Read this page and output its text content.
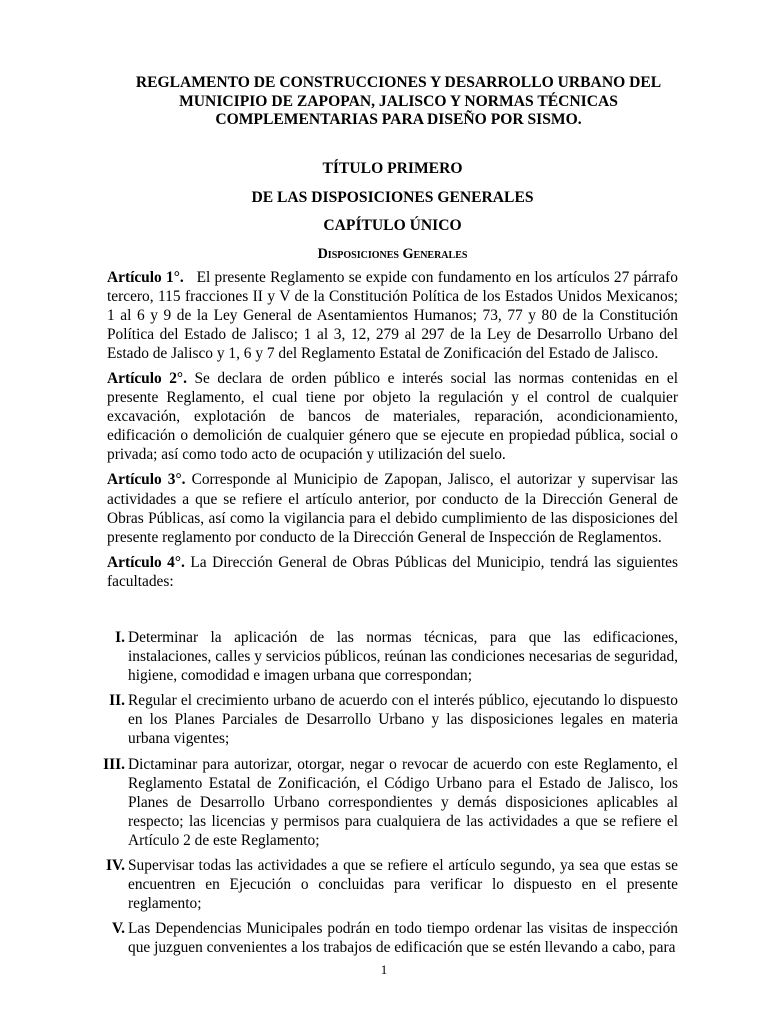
REGLAMENTO DE CONSTRUCCIONES Y DESARROLLO URBANO DEL MUNICIPIO DE ZAPOPAN, JALISCO Y NORMAS TÉCNICAS COMPLEMENTARIAS PARA DISEÑO POR SISMO.
TÍTULO PRIMERO
DE LAS DISPOSICIONES GENERALES
CAPÍTULO ÚNICO
Disposiciones Generales
Artículo 1°. El presente Reglamento se expide con fundamento en los artículos 27 párrafo tercero, 115 fracciones II y V de la Constitución Política de los Estados Unidos Mexicanos; 1 al 6 y 9 de la Ley General de Asentamientos Humanos; 73, 77 y 80 de la Constitución Política del Estado de Jalisco; 1 al 3, 12, 279 al 297 de la Ley de Desarrollo Urbano del Estado de Jalisco y 1, 6 y 7 del Reglamento Estatal de Zonificación del Estado de Jalisco.
Artículo 2°. Se declara de orden público e interés social las normas contenidas en el presente Reglamento, el cual tiene por objeto la regulación y el control de cualquier excavación, explotación de bancos de materiales, reparación, acondicionamiento, edificación o demolición de cualquier género que se ejecute en propiedad pública, social o privada; así como todo acto de ocupación y utilización del suelo.
Artículo 3°. Corresponde al Municipio de Zapopan, Jalisco, el autorizar y supervisar las actividades a que se refiere el artículo anterior, por conducto de la Dirección General de Obras Públicas, así como la vigilancia para el debido cumplimiento de las disposiciones del presente reglamento por conducto de la Dirección General de Inspección de Reglamentos.
Artículo 4°. La Dirección General de Obras Públicas del Municipio, tendrá las siguientes facultades:
I. Determinar la aplicación de las normas técnicas, para que las edificaciones, instalaciones, calles y servicios públicos, reúnan las condiciones necesarias de seguridad, higiene, comodidad e imagen urbana que correspondan;
II. Regular el crecimiento urbano de acuerdo con el interés público, ejecutando lo dispuesto en los Planes Parciales de Desarrollo Urbano y las disposiciones legales en materia urbana vigentes;
III. Dictaminar para autorizar, otorgar, negar o revocar de acuerdo con este Reglamento, el Reglamento Estatal de Zonificación, el Código Urbano para el Estado de Jalisco, los Planes de Desarrollo Urbano correspondientes y demás disposiciones aplicables al respecto; las licencias y permisos para cualquiera de las actividades a que se refiere el Artículo 2 de este Reglamento;
IV. Supervisar todas las actividades a que se refiere el artículo segundo, ya sea que estas se encuentren en Ejecución o concluidas para verificar lo dispuesto en el presente reglamento;
V. Las Dependencias Municipales podrán en todo tiempo ordenar las visitas de inspección que juzguen convenientes a los trabajos de edificación que se estén llevando a cabo, para
1
